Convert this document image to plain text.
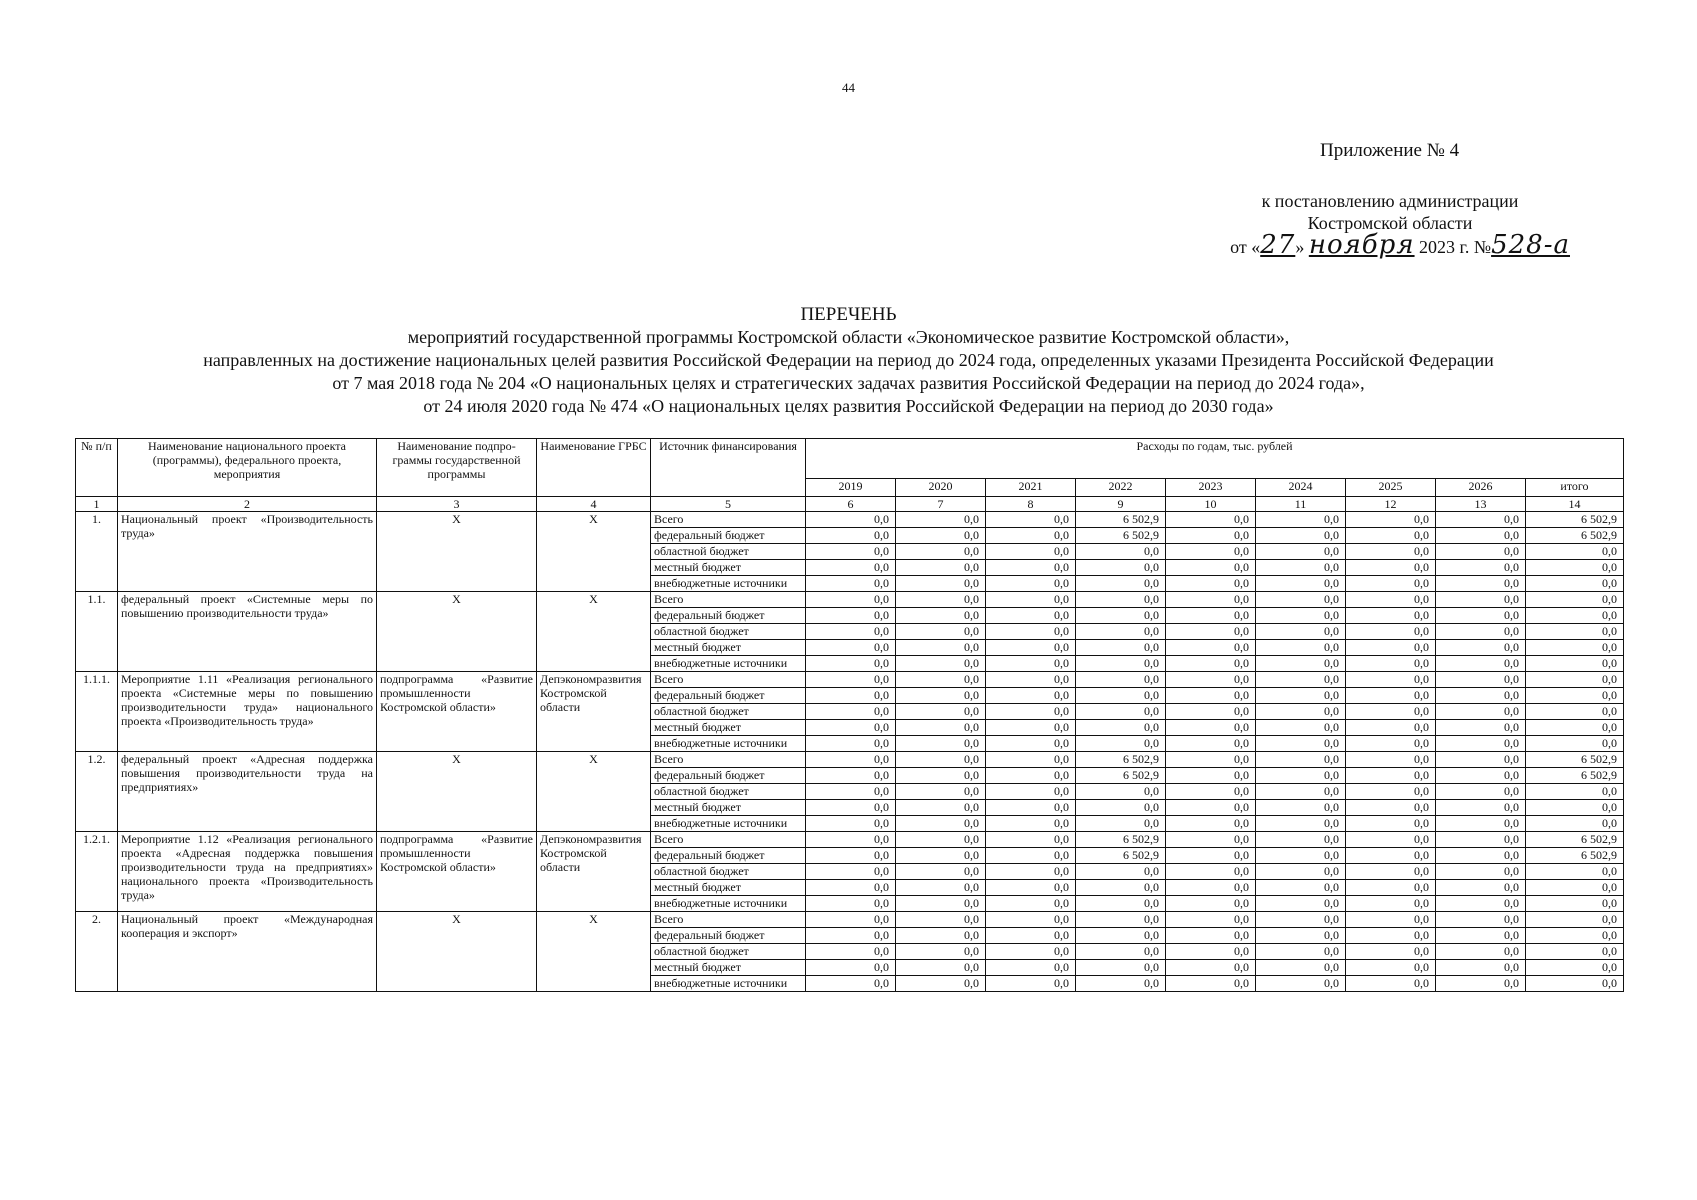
44
Приложение № 4
к постановлению администрации
Костромской области
от «27» ноября 2023 г. №528-а
ПЕРЕЧЕНЬ
мероприятий государственной программы Костромской области «Экономическое развитие Костромской области»,
направленных на достижение национальных целей развития Российской Федерации на период до 2024 года, определенных указами Президента Российской Федерации
от 7 мая 2018 года № 204 «О национальных целях и стратегических задачах развития Российской Федерации на период до 2024 года»,
от 24 июля 2020 года № 474 «О национальных целях развития Российской Федерации на период до 2030 года»
№ п/п	Наименование национального проекта (программы), федерального проекта, мероприятия	Наименование подпрограммы государственной программы	Наименование ГРБС	Источник финансирования	Расходы по годам, тыс. рублей								
					2019	2020	2021	2022	2023	2024	2025	2026	итого
1	2	3	4	5	6	7	8	9	10	11	12	13	14
1.	Национальный проект «Производительность труда»	X	X	Всего	0,0	0,0	0,0	6 502,9	0,0	0,0	0,0	0,0	6 502,9
				федеральный бюджет	0,0	0,0	0,0	6 502,9	0,0	0,0	0,0	0,0	6 502,9
				областной бюджет	0,0	0,0	0,0	0,0	0,0	0,0	0,0	0,0	0,0
				местный бюджет	0,0	0,0	0,0	0,0	0,0	0,0	0,0	0,0	0,0
				внебюджетные источники	0,0	0,0	0,0	0,0	0,0	0,0	0,0	0,0	0,0
1.1.	федеральный проект «Системные меры по повышению производительности труда»	X	X	Всего	0,0	0,0	0,0	0,0	0,0	0,0	0,0	0,0	0,0
				федеральный бюджет	0,0	0,0	0,0	0,0	0,0	0,0	0,0	0,0	0,0
				областной бюджет	0,0	0,0	0,0	0,0	0,0	0,0	0,0	0,0	0,0
				местный бюджет	0,0	0,0	0,0	0,0	0,0	0,0	0,0	0,0	0,0
				внебюджетные источники	0,0	0,0	0,0	0,0	0,0	0,0	0,0	0,0	0,0
1.1.1.	Мероприятие 1.11 «Реализация регионального проекта «Системные меры по повышению производительности труда» национального проекта «Производительность труда»	подпрограмма «Развитие промышленности Костромской области»	Депэкономразвития Костромской области	Всего	0,0	0,0	0,0	0,0	0,0	0,0	0,0	0,0	0,0
				федеральный бюджет	0,0	0,0	0,0	0,0	0,0	0,0	0,0	0,0	0,0
				областной бюджет	0,0	0,0	0,0	0,0	0,0	0,0	0,0	0,0	0,0
				местный бюджет	0,0	0,0	0,0	0,0	0,0	0,0	0,0	0,0	0,0
				внебюджетные источники	0,0	0,0	0,0	0,0	0,0	0,0	0,0	0,0	0,0
1.2.	федеральный проект «Адресная поддержка повышения производительности труда на предприятиях»	X	X	Всего	0,0	0,0	0,0	6 502,9	0,0	0,0	0,0	0,0	6 502,9
				федеральный бюджет	0,0	0,0	0,0	6 502,9	0,0	0,0	0,0	0,0	6 502,9
				областной бюджет	0,0	0,0	0,0	0,0	0,0	0,0	0,0	0,0	0,0
				местный бюджет	0,0	0,0	0,0	0,0	0,0	0,0	0,0	0,0	0,0
				внебюджетные источники	0,0	0,0	0,0	0,0	0,0	0,0	0,0	0,0	0,0
1.2.1.	Мероприятие 1.12 «Реализация регионального проекта «Адресная поддержка повышения производительности труда на предприятиях» национального проекта «Производительность труда»	подпрограмма «Развитие промышленности Костромской области»	Депэкономразвития Костромской области	Всего	0,0	0,0	0,0	6 502,9	0,0	0,0	0,0	0,0	6 502,9
				федеральный бюджет	0,0	0,0	0,0	6 502,9	0,0	0,0	0,0	0,0	6 502,9
				областной бюджет	0,0	0,0	0,0	0,0	0,0	0,0	0,0	0,0	0,0
				местный бюджет	0,0	0,0	0,0	0,0	0,0	0,0	0,0	0,0	0,0
				внебюджетные источники	0,0	0,0	0,0	0,0	0,0	0,0	0,0	0,0	0,0
2.	Национальный проект «Международная кооперация и экспорт»	X	X	Всего	0,0	0,0	0,0	0,0	0,0	0,0	0,0	0,0	0,0
				федеральный бюджет	0,0	0,0	0,0	0,0	0,0	0,0	0,0	0,0	0,0
				областной бюджет	0,0	0,0	0,0	0,0	0,0	0,0	0,0	0,0	0,0
				местный бюджет	0,0	0,0	0,0	0,0	0,0	0,0	0,0	0,0	0,0
				внебюджетные источники	0,0	0,0	0,0	0,0	0,0	0,0	0,0	0,0	0,0
